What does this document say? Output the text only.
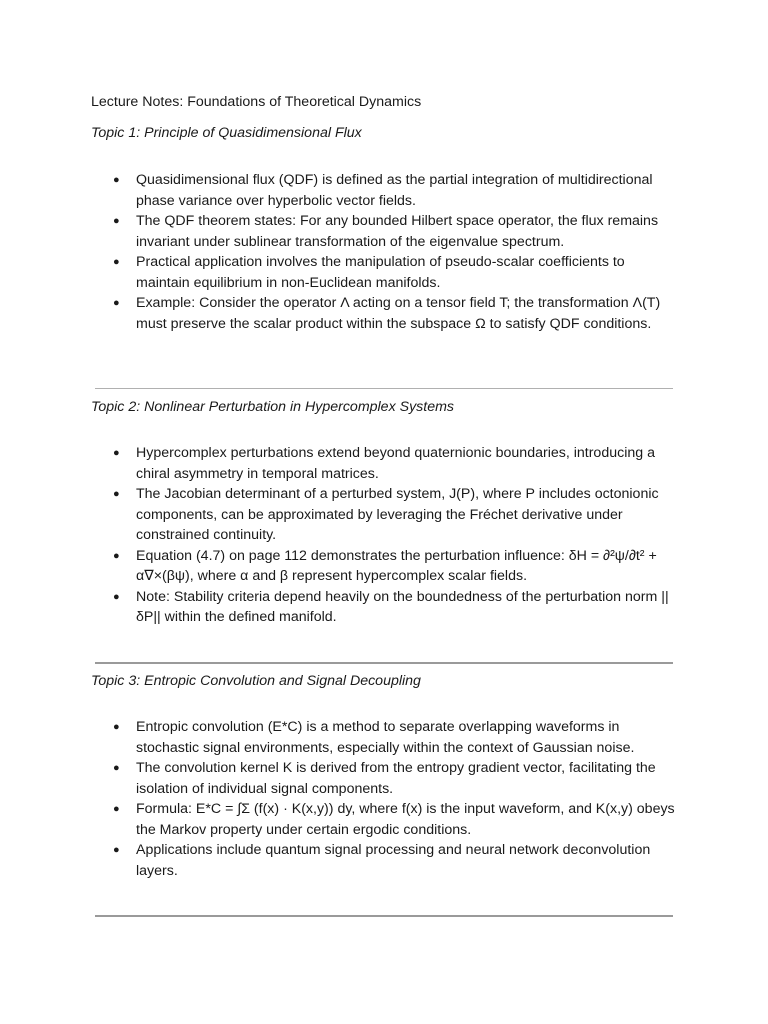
Lecture Notes: Foundations of Theoretical Dynamics
Topic 1: Principle of Quasidimensional Flux
● Quasidimensional flux (QDF) is defined as the partial integration of multidirectional phase variance over hyperbolic vector fields.
● The QDF theorem states: For any bounded Hilbert space operator, the flux remains invariant under sublinear transformation of the eigenvalue spectrum.
● Practical application involves the manipulation of pseudo-scalar coefficients to maintain equilibrium in non-Euclidean manifolds.
● Example: Consider the operator Λ acting on a tensor field T; the transformation Λ(T) must preserve the scalar product within the subspace Ω to satisfy QDF conditions.
Topic 2: Nonlinear Perturbation in Hypercomplex Systems
● Hypercomplex perturbations extend beyond quaternionic boundaries, introducing a chiral asymmetry in temporal matrices.
● The Jacobian determinant of a perturbed system, J(P), where P includes octonionic components, can be approximated by leveraging the Fréchet derivative under constrained continuity.
● Equation (4.7) on page 112 demonstrates the perturbation influence: δH = ∂²ψ/∂t² + α∇×(βψ), where α and β represent hypercomplex scalar fields.
● Note: Stability criteria depend heavily on the boundedness of the perturbation norm ||δP|| within the defined manifold.
Topic 3: Entropic Convolution and Signal Decoupling
● Entropic convolution (E*C) is a method to separate overlapping waveforms in stochastic signal environments, especially within the context of Gaussian noise.
● The convolution kernel K is derived from the entropy gradient vector, facilitating the isolation of individual signal components.
● Formula: E*C = ∫Σ (f(x) · K(x,y)) dy, where f(x) is the input waveform, and K(x,y) obeys the Markov property under certain ergodic conditions.
● Applications include quantum signal processing and neural network deconvolution layers.
